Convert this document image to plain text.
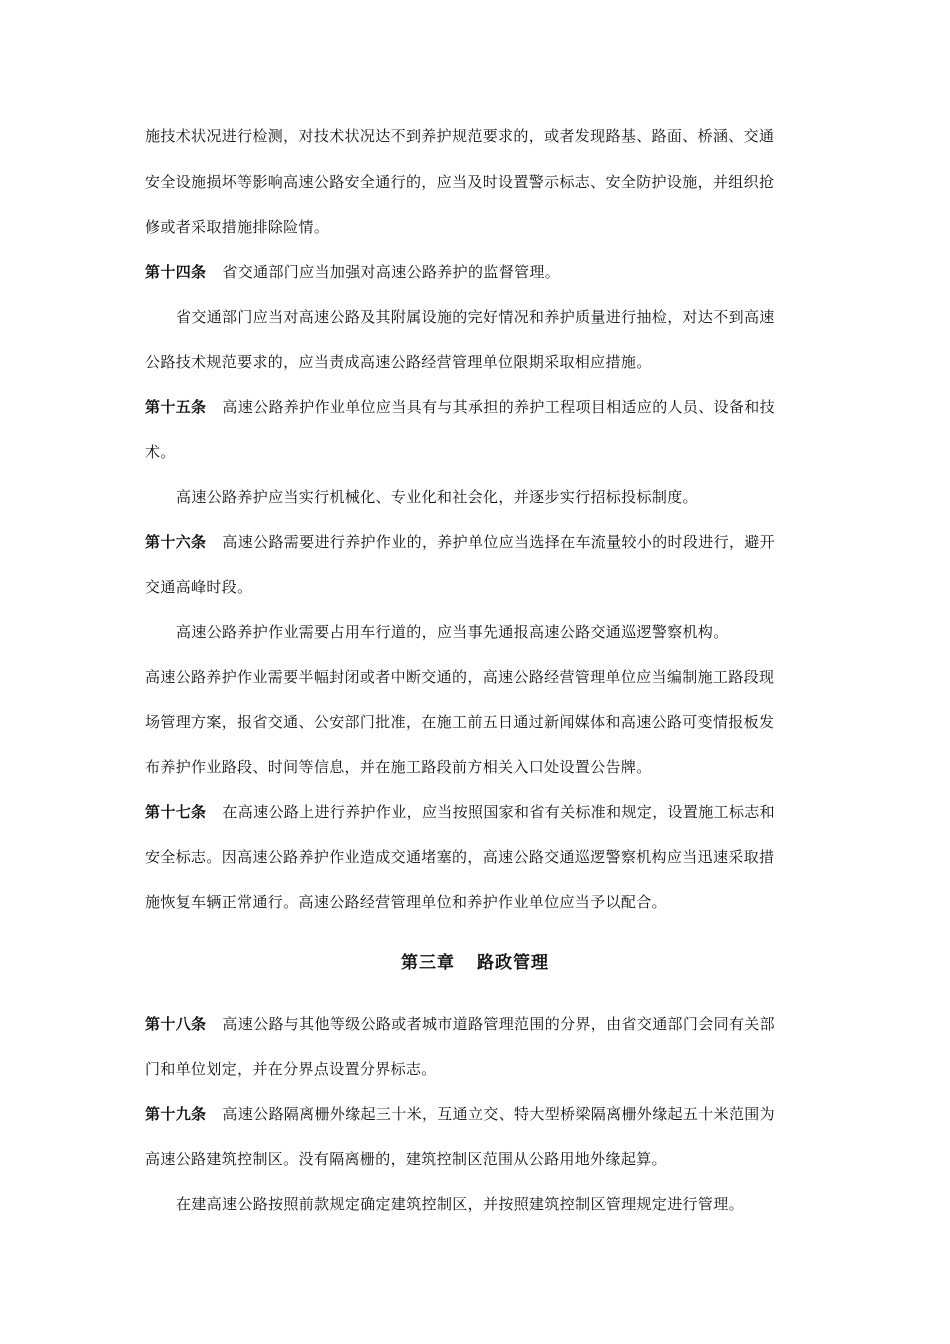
施技术状况进行检测，对技术状况达不到养护规范要求的，或者发现路基、路面、桥涵、交通
安全设施损坏等影响高速公路安全通行的，应当及时设置警示标志、安全防护设施，并组织抢
修或者采取措施排除险情。
第十四条 省交通部门应当加强对高速公路养护的监督管理。
省交通部门应当对高速公路及其附属设施的完好情况和养护质量进行抽检，对达不到高速
公路技术规范要求的，应当责成高速公路经营管理单位限期采取相应措施。
第十五条 高速公路养护作业单位应当具有与其承担的养护工程项目相适应的人员、设备和技
术。
高速公路养护应当实行机械化、专业化和社会化，并逐步实行招标投标制度。
第十六条 高速公路需要进行养护作业的，养护单位应当选择在车流量较小的时段进行，避开
交通高峰时段。
高速公路养护作业需要占用车行道的，应当事先通报高速公路交通巡逻警察机构。
高速公路养护作业需要半幅封闭或者中断交通的，高速公路经营管理单位应当编制施工路段现
场管理方案，报省交通、公安部门批准，在施工前五日通过新闻媒体和高速公路可变情报板发
布养护作业路段、时间等信息，并在施工路段前方相关入口处设置公告牌。
第十七条 在高速公路上进行养护作业，应当按照国家和省有关标准和规定，设置施工标志和
安全标志。因高速公路养护作业造成交通堵塞的，高速公路交通巡逻警察机构应当迅速采取措
施恢复车辆正常通行。高速公路经营管理单位和养护作业单位应当予以配合。
第三章 路政管理
第十八条 高速公路与其他等级公路或者城市道路管理范围的分界，由省交通部门会同有关部
门和单位划定，并在分界点设置分界标志。
第十九条 高速公路隔离栅外缘起三十米，互通立交、特大型桥梁隔离栅外缘起五十米范围为
高速公路建筑控制区。没有隔离栅的，建筑控制区范围从公路用地外缘起算。
在建高速公路按照前款规定确定建筑控制区，并按照建筑控制区管理规定进行管理。
